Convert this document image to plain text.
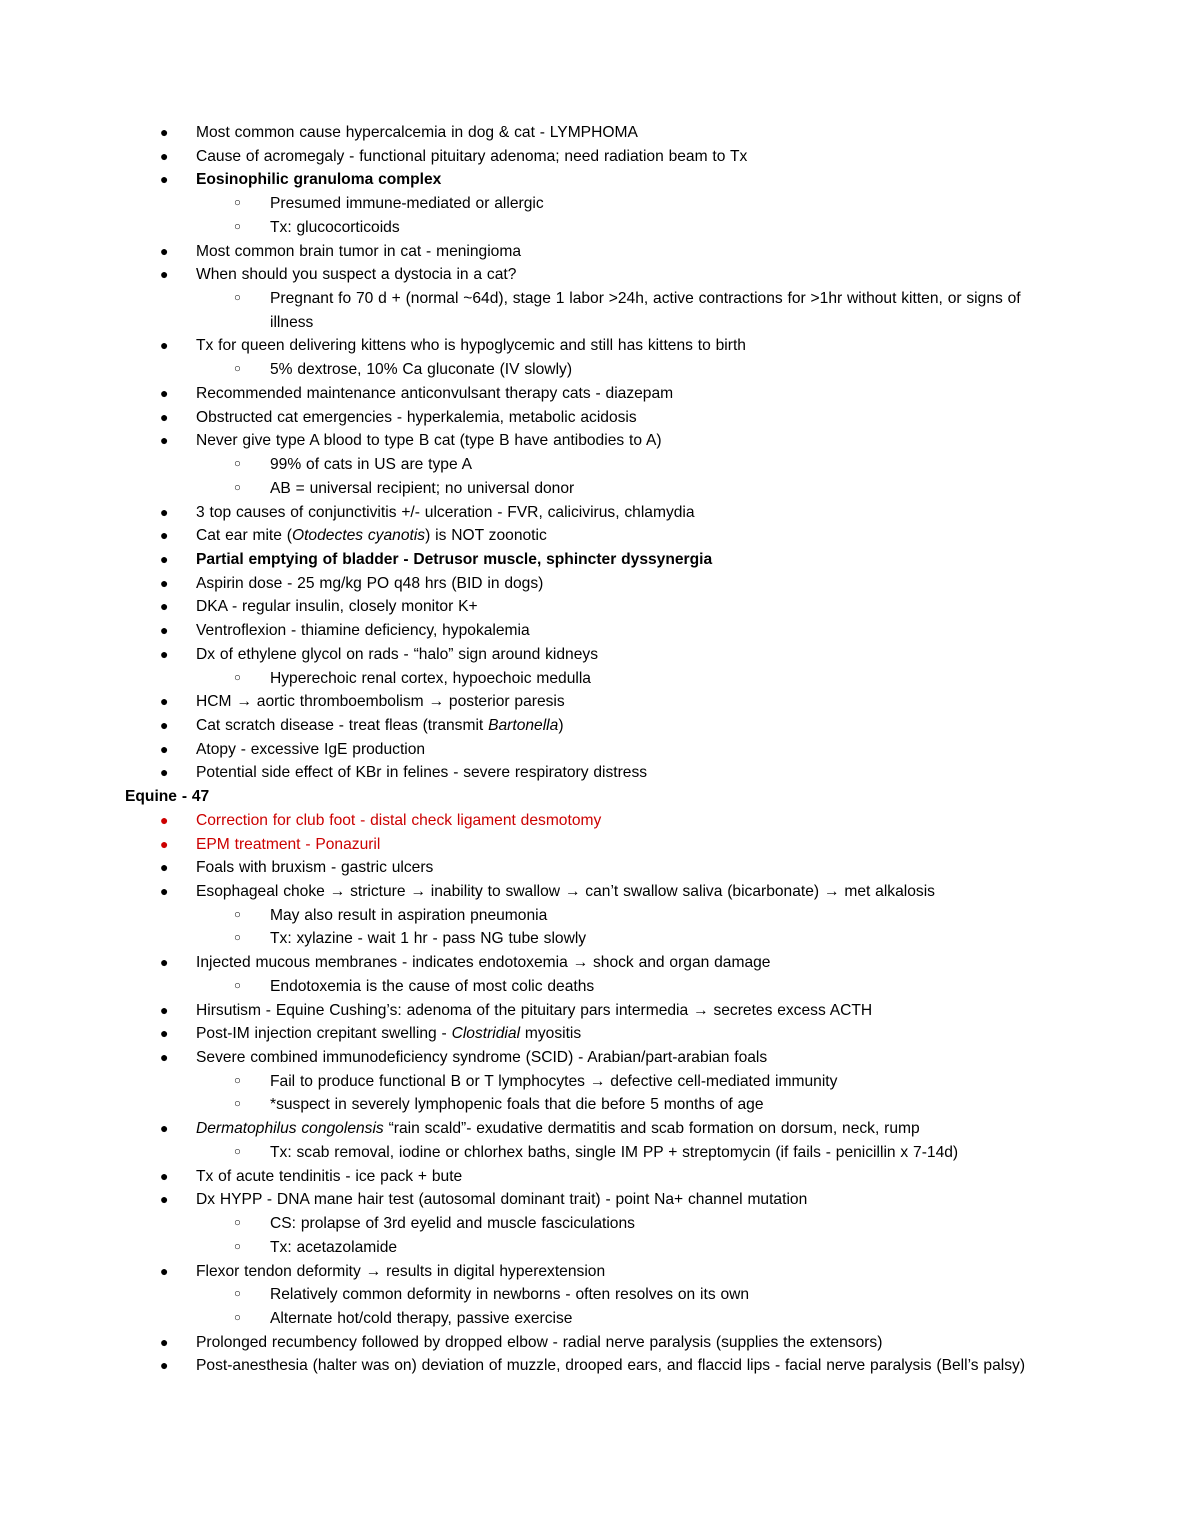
● Most common cause hypercalcemia in dog & cat - LYMPHOMA
● Cause of acromegaly - functional pituitary adenoma; need radiation beam to Tx
● Eosinophilic granuloma complex
○ Presumed immune-mediated or allergic
○ Tx: glucocorticoids
● Most common brain tumor in cat - meningioma
● When should you suspect a dystocia in a cat?
○ Pregnant fo 70 d + (normal ~64d), stage 1 labor >24h, active contractions for >1hr without kitten, or signs of illness
● Tx for queen delivering kittens who is hypoglycemic and still has kittens to birth
○ 5% dextrose, 10% Ca gluconate (IV slowly)
● Recommended maintenance anticonvulsant therapy cats - diazepam
● Obstructed cat emergencies - hyperkalemia, metabolic acidosis
● Never give type A blood to type B cat (type B have antibodies to A)
○ 99% of cats in US are type A
○ AB = universal recipient; no universal donor
● 3 top causes of conjunctivitis +/- ulceration - FVR, calicivirus, chlamydia
● Cat ear mite (Otodectes cyanotis) is NOT zoonotic
● Partial emptying of bladder - Detrusor muscle, sphincter dyssynergia
● Aspirin dose - 25 mg/kg PO q48 hrs (BID in dogs)
● DKA - regular insulin, closely monitor K+
● Ventroflexion - thiamine deficiency, hypokalemia
● Dx of ethylene glycol on rads - “halo” sign around kidneys
○ Hyperechoic renal cortex, hypoechoic medulla
● HCM → aortic thromboembolism → posterior paresis
● Cat scratch disease - treat fleas (transmit Bartonella)
● Atopy - excessive IgE production
● Potential side effect of KBr in felines - severe respiratory distress
Equine - 47
● Correction for club foot - distal check ligament desmotomy
● EPM treatment - Ponazuril
● Foals with bruxism - gastric ulcers
● Esophageal choke → stricture → inability to swallow → can’t swallow saliva (bicarbonate) → met alkalosis
○ May also result in aspiration pneumonia
○ Tx: xylazine - wait 1 hr - pass NG tube slowly
● Injected mucous membranes - indicates endotoxemia → shock and organ damage
○ Endotoxemia is the cause of most colic deaths
● Hirsutism - Equine Cushing’s: adenoma of the pituitary pars intermedia → secretes excess ACTH
● Post-IM injection crepitant swelling - Clostridial myositis
● Severe combined immunodeficiency syndrome (SCID) - Arabian/part-arabian foals
○ Fail to produce functional B or T lymphocytes → defective cell-mediated immunity
○ *suspect in severely lymphopenic foals that die before 5 months of age
● Dermatophilus congolensis “rain scald”- exudative dermatitis and scab formation on dorsum, neck, rump
○ Tx: scab removal, iodine or chlorhex baths, single IM PP + streptomycin (if fails - penicillin x 7-14d)
● Tx of acute tendinitis - ice pack + bute
● Dx HYPP - DNA mane hair test (autosomal dominant trait) - point Na+ channel mutation
○ CS: prolapse of 3rd eyelid and muscle fasciculations
○ Tx: acetazolamide
● Flexor tendon deformity → results in digital hyperextension
○ Relatively common deformity in newborns - often resolves on its own
○ Alternate hot/cold therapy, passive exercise
● Prolonged recumbency followed by dropped elbow - radial nerve paralysis (supplies the extensors)
● Post-anesthesia (halter was on) deviation of muzzle, drooped ears, and flaccid lips - facial nerve paralysis (Bell’s palsy)
